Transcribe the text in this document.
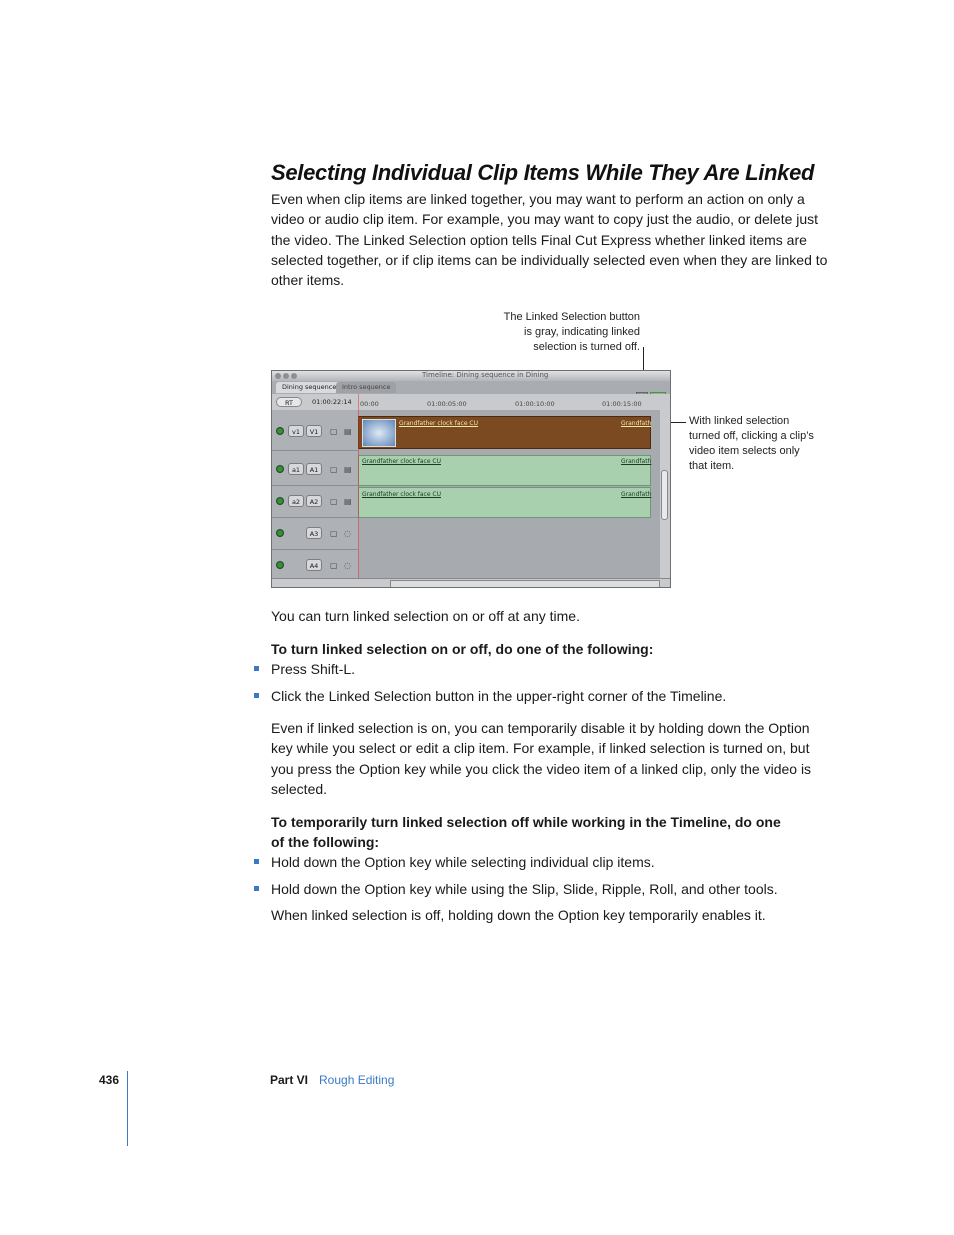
Selecting Individual Clip Items While They Are Linked

Even when clip items are linked together, you may want to perform an action on only a video or audio clip item. For example, you may want to copy just the audio, or delete just the video. The Linked Selection option tells Final Cut Express whether linked items are selected together, or if clip items can be individually selected even when they are linked to other items.

The Linked Selection button
is gray, indicating linked
selection is turned off.
With linked selection
turned off, clicking a clip’s
video item selects only
that item.
Timeline: Dining sequence in Dining
Dining sequence Intro sequence
RT	01:00:22:14 00:00	01:00:05:00	01:00:10:00	01:00:15:00
v1	V1	▢ ▤
a1	A1	▢ ▤
a2	A2	▢ ▤
A3	▢ ◌
A4	▢ ◌
Grandfather clock face CU	Grandfath
Grandfather clock face CU	Grandfath
Grandfather clock face CU	Grandfath

You can turn linked selection on or off at any time.

To turn linked selection on or off, do one of the following:

Press Shift-L.
Click the Linked Selection button in the upper-right corner of the Timeline.

Even if linked selection is on, you can temporarily disable it by holding down the Option key while you select or edit a clip item. For example, if linked selection is turned on, but you press the Option key while you click the video item of a linked clip, only the video is selected.

To temporarily turn linked selection off while working in the Timeline, do one
of the following:
Hold down the Option key while selecting individual clip items.
Hold down the Option key while using the Slip, Slide, Ripple, Roll, and other tools.

When linked selection is off, holding down the Option key temporarily enables it.

436	Part VI Rough Editing
